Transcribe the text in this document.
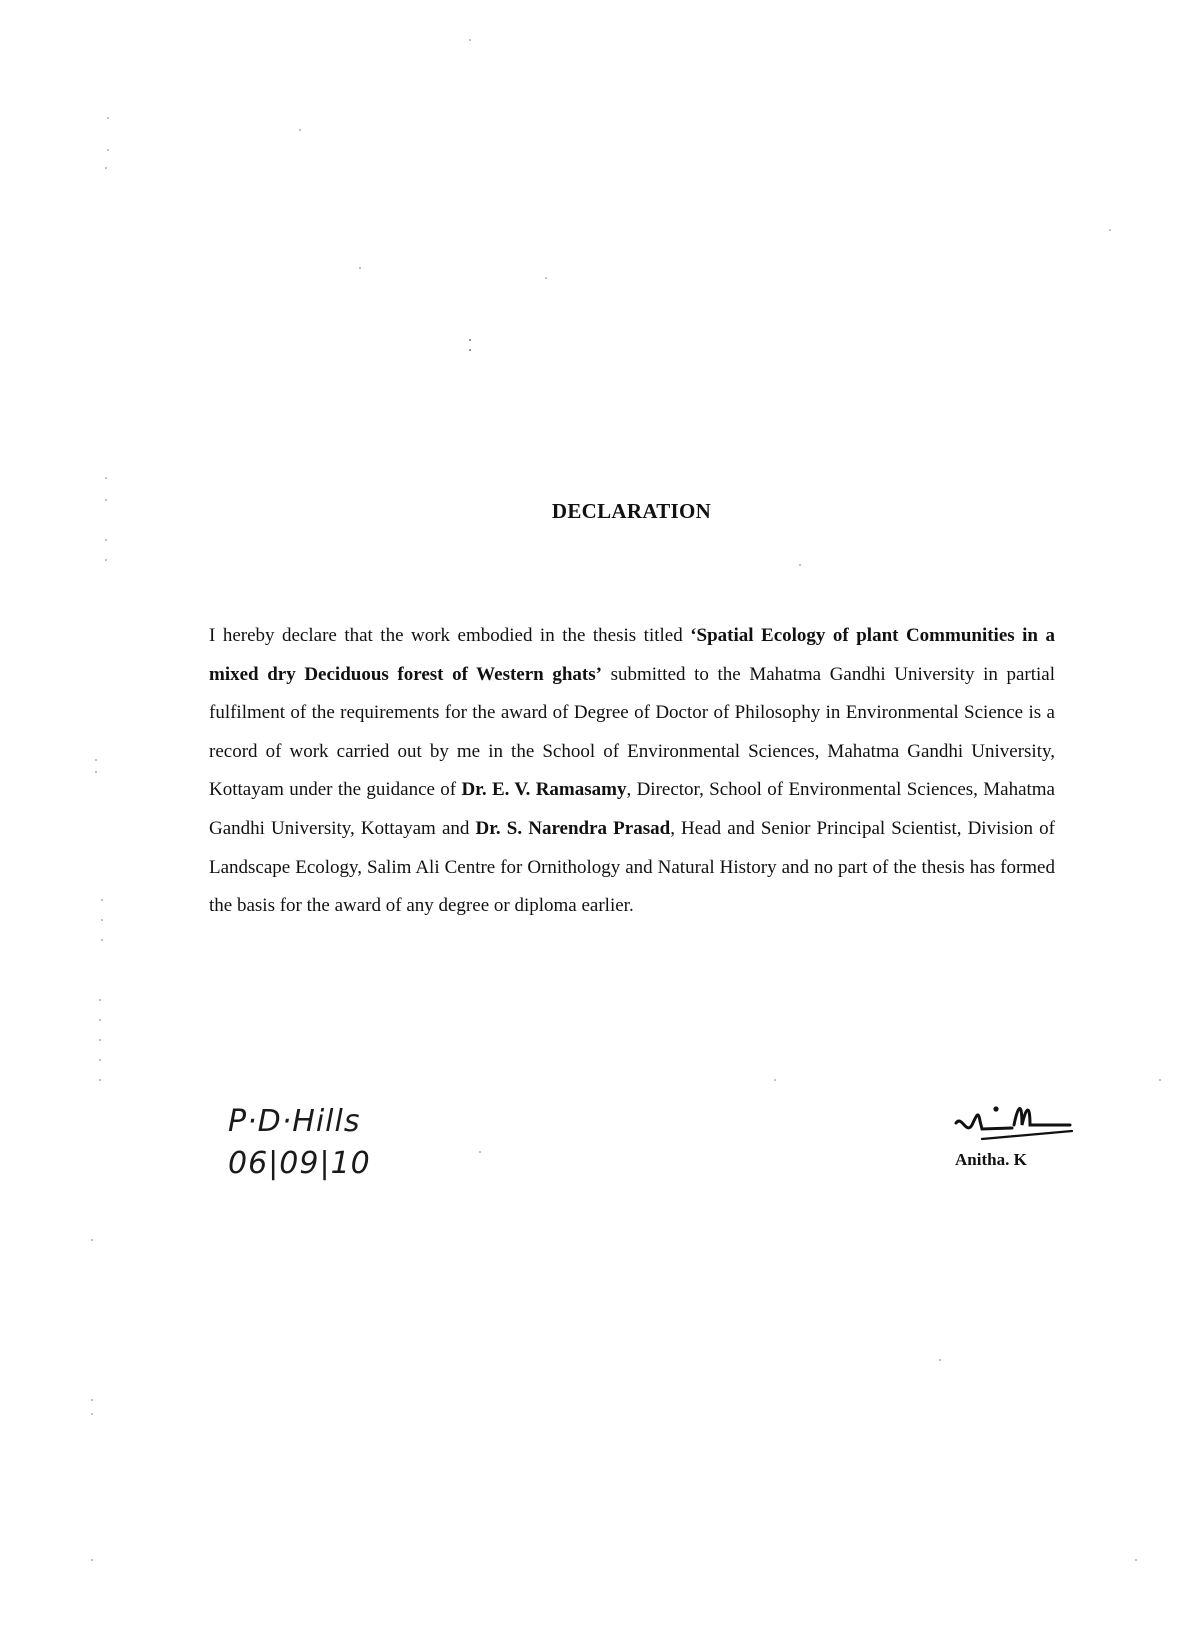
DECLARATION
I hereby declare that the work embodied in the thesis titled ‘Spatial Ecology of plant Communities in a mixed dry Deciduous forest of Western ghats’ submitted to the Mahatma Gandhi University in partial fulfilment of the requirements for the award of Degree of Doctor of Philosophy in Environmental Science is a record of work carried out by me in the School of Environmental Sciences, Mahatma Gandhi University, Kottayam under the guidance of Dr. E. V. Ramasamy, Director, School of Environmental Sciences, Mahatma Gandhi University, Kottayam and Dr. S. Narendra Prasad, Head and Senior Principal Scientist, Division of Landscape Ecology, Salim Ali Centre for Ornithology and Natural History and no part of the thesis has formed the basis for the award of any degree or diploma earlier.
P·D·Hills
06|09|10	Anitha. K
